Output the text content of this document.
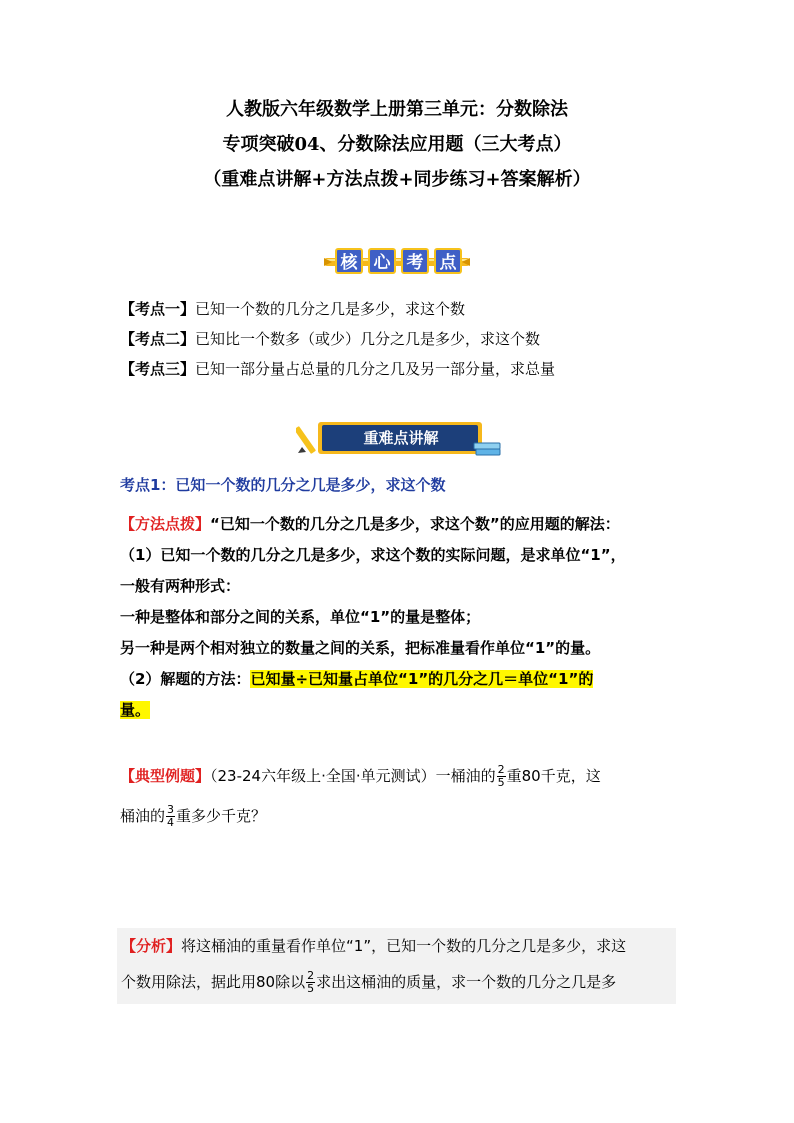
人教版六年级数学上册第三单元：分数除法
专项突破04、分数除法应用题（三大考点）
（重难点讲解+方法点拨+同步练习+答案解析）
核 心 考 点
【考点一】已知一个数的几分之几是多少，求这个数
【考点二】已知比一个数多（或少）几分之几是多少，求这个数
【考点三】已知一部分量占总量的几分之几及另一部分量，求总量
重难点讲解
考点1：已知一个数的几分之几是多少，求这个数

【方法点拨】“已知一个数的几分之几是多少，求这个数”的应用题的解法：

（1）已知一个数的几分之几是多少，求这个数的实际问题，是求单位“1”，

一般有两种形式：

一种是整体和部分之间的关系，单位“1”的量是整体；

另一种是两个相对独立的数量之间的关系，把标准量看作单位“1”的量。

（2）解题的方法：已知量÷已知量占单位“1”的几分之几＝单位“1”的

量。

【典型例题】（23-24六年级上·全国·单元测试）一桶油的 $\frac{2}{5}$ 重80千克，这
桶油的 $\frac{3}{4}$ 重多少千克？
【分析】将这桶油的重量看作单位“1”，已知一个数的几分之几是多少，求这
个数用除法，据此用80除以 $\frac{2}{5}$ 求出这桶油的质量，求一个数的几分之几是多
